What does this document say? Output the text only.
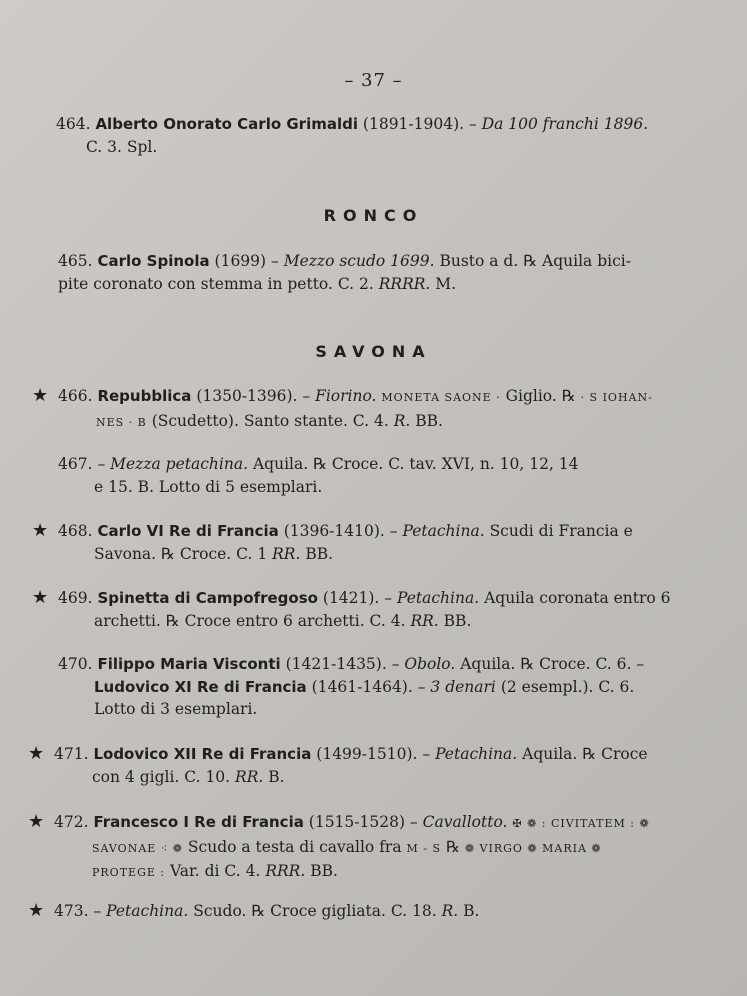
– 37 –
464. Alberto Onorato Carlo Grimaldi (1891-1904). – Da 100 franchi 1896.
C. 3. Spl.
RONCO
465. Carlo Spinola (1699) – Mezzo scudo 1699. Busto a d. ℞ Aquila bici-
pite coronato con stemma in petto. C. 2. RRRR. M.
SAVONA
★ 466. Repubblica (1350-1396). – Fiorino. MONETA SAONE · Giglio. ℞ · S IOHAN-
NES · B (Scudetto). Santo stante. C. 4. R. BB.
467. – Mezza petachina. Aquila. ℞ Croce. C. tav. XVI, n. 10, 12, 14
e 15. B. Lotto di 5 esemplari.
★ 468. Carlo VI Re di Francia (1396-1410). – Petachina. Scudi di Francia e
Savona. ℞ Croce. C. 1 RR. BB.
★ 469. Spinetta di Campofregoso (1421). – Petachina. Aquila coronata entro 6
archetti. ℞ Croce entro 6 archetti. C. 4. RR. BB.
470. Filippo Maria Visconti (1421-1435). – Obolo. Aquila. ℞ Croce. C. 6. –
Ludovico XI Re di Francia (1461-1464). – 3 denari (2 esempl.). C. 6.
Lotto di 3 esemplari.
★ 471. Lodovico XII Re di Francia (1499-1510). – Petachina. Aquila. ℞ Croce
con 4 gigli. C. 10. RR. B.
★ 472. Francesco I Re di Francia (1515-1528) – Cavallotto. ✠ ❁ : CIVITATEM : ❁
SAVONAE ⁖ ❁ Scudo a testa di cavallo fra M - S ℞ ❁ VIRGO ❁ MARIA ❁
PROTEGE : Var. di C. 4. RRR. BB.
★ 473. – Petachina. Scudo. ℞ Croce gigliata. C. 18. R. B.
